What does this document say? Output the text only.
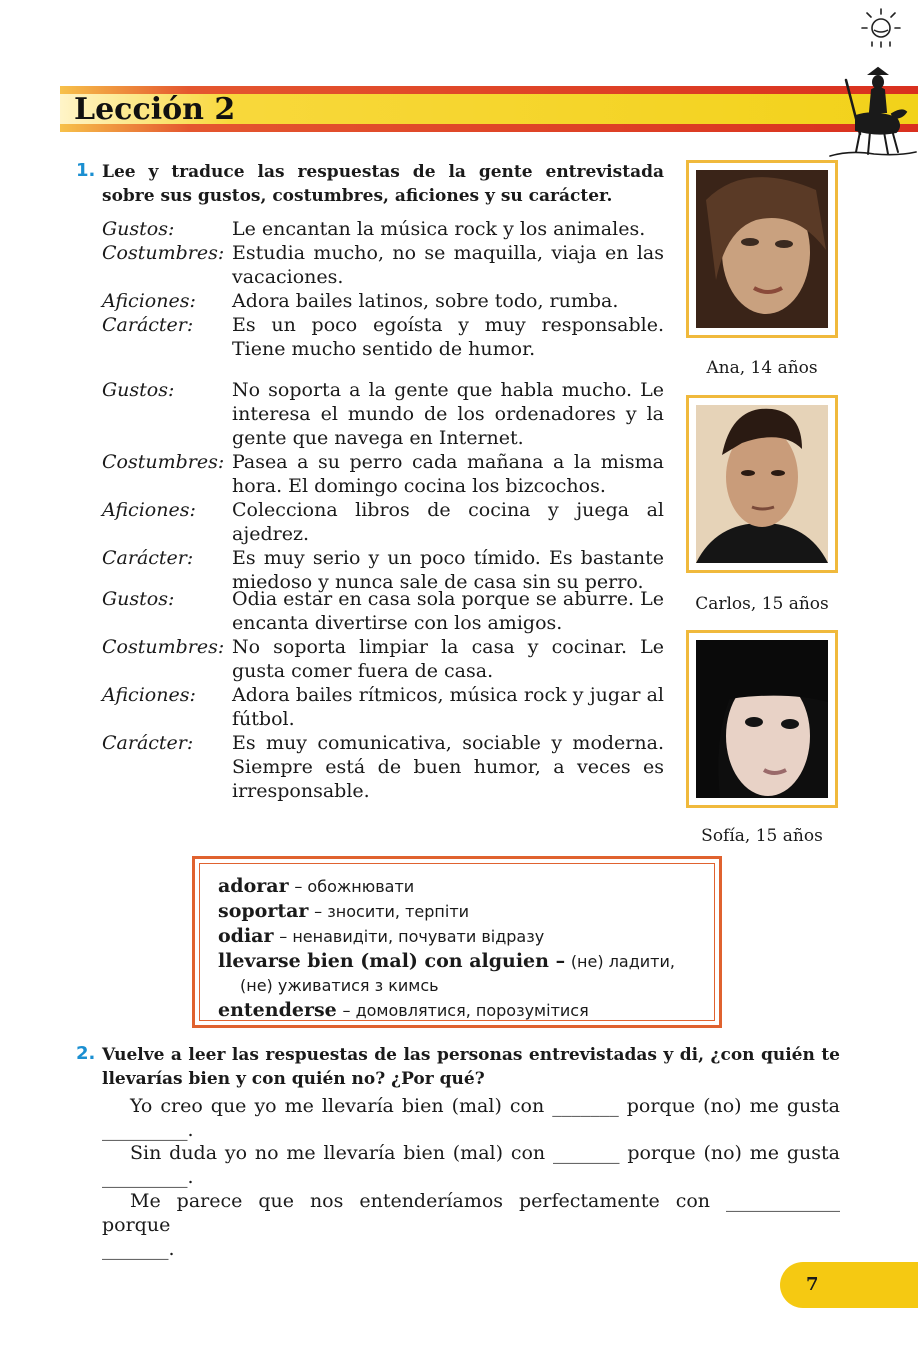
Lección 2
1. Lee y traduce las respuestas de la gente entrevistada sobre sus gustos, costumbres, aficiones y su carácter.
Gustos:	Le encantan la música rock y los animales.
Costumbres: Estudia mucho, no se maquilla, viaja en las vacaciones.
Aficiones:	Adora bailes latinos, sobre todo, rumba.
Carácter:	Es un poco egoísta y muy responsable. Tiene mucho sentido de humor.
Gustos:	No soporta a la gente que habla mucho. Le interesa el mundo de los ordenadores y la gente que navega en Internet.
Costumbres: Pasea a su perro cada mañana a la misma hora. El domingo cocina los bizcochos.
Aficiones:	Colecciona libros de cocina y juega al ajedrez.
Carácter:	Es muy serio y un poco tímido. Es bastante miedoso y nunca sale de casa sin su perro.
Gustos:	Odia estar en casa sola porque se aburre. Le encanta divertirse con los amigos.
Costumbres: No soporta limpiar la casa y cocinar. Le gusta comer fuera de casa.
Aficiones:	Adora bailes rítmicos, música rock y jugar al fútbol.
Carácter:	Es muy comunicativa, sociable y moderna. Siempre está de buen humor, a veces es irresponsable.
Ana, 14 años
Carlos, 15 años
Sofía, 15 años
adorar – обожнювати
soportar – зносити, терпіти
odiar – ненавидіти, почувати відразу
llevarse bien (mal) con alguien – (не) ладити,
(не) уживатися з кимсь
entenderse – домовлятися, порозумітися
2. Vuelve a leer las respuestas de las personas entrevistadas y di, ¿con quién te llevarías bien y con quién no? ¿Por qué?
Yo creo que yo me llevaría bien (mal) con _______ porque (no) me gusta
_________.
Sin duda yo no me llevaría bien (mal) con _______ porque (no) me gusta
_________.
Me parece que nos entenderíamos perfectamente con ____________ porque
_______.
7
